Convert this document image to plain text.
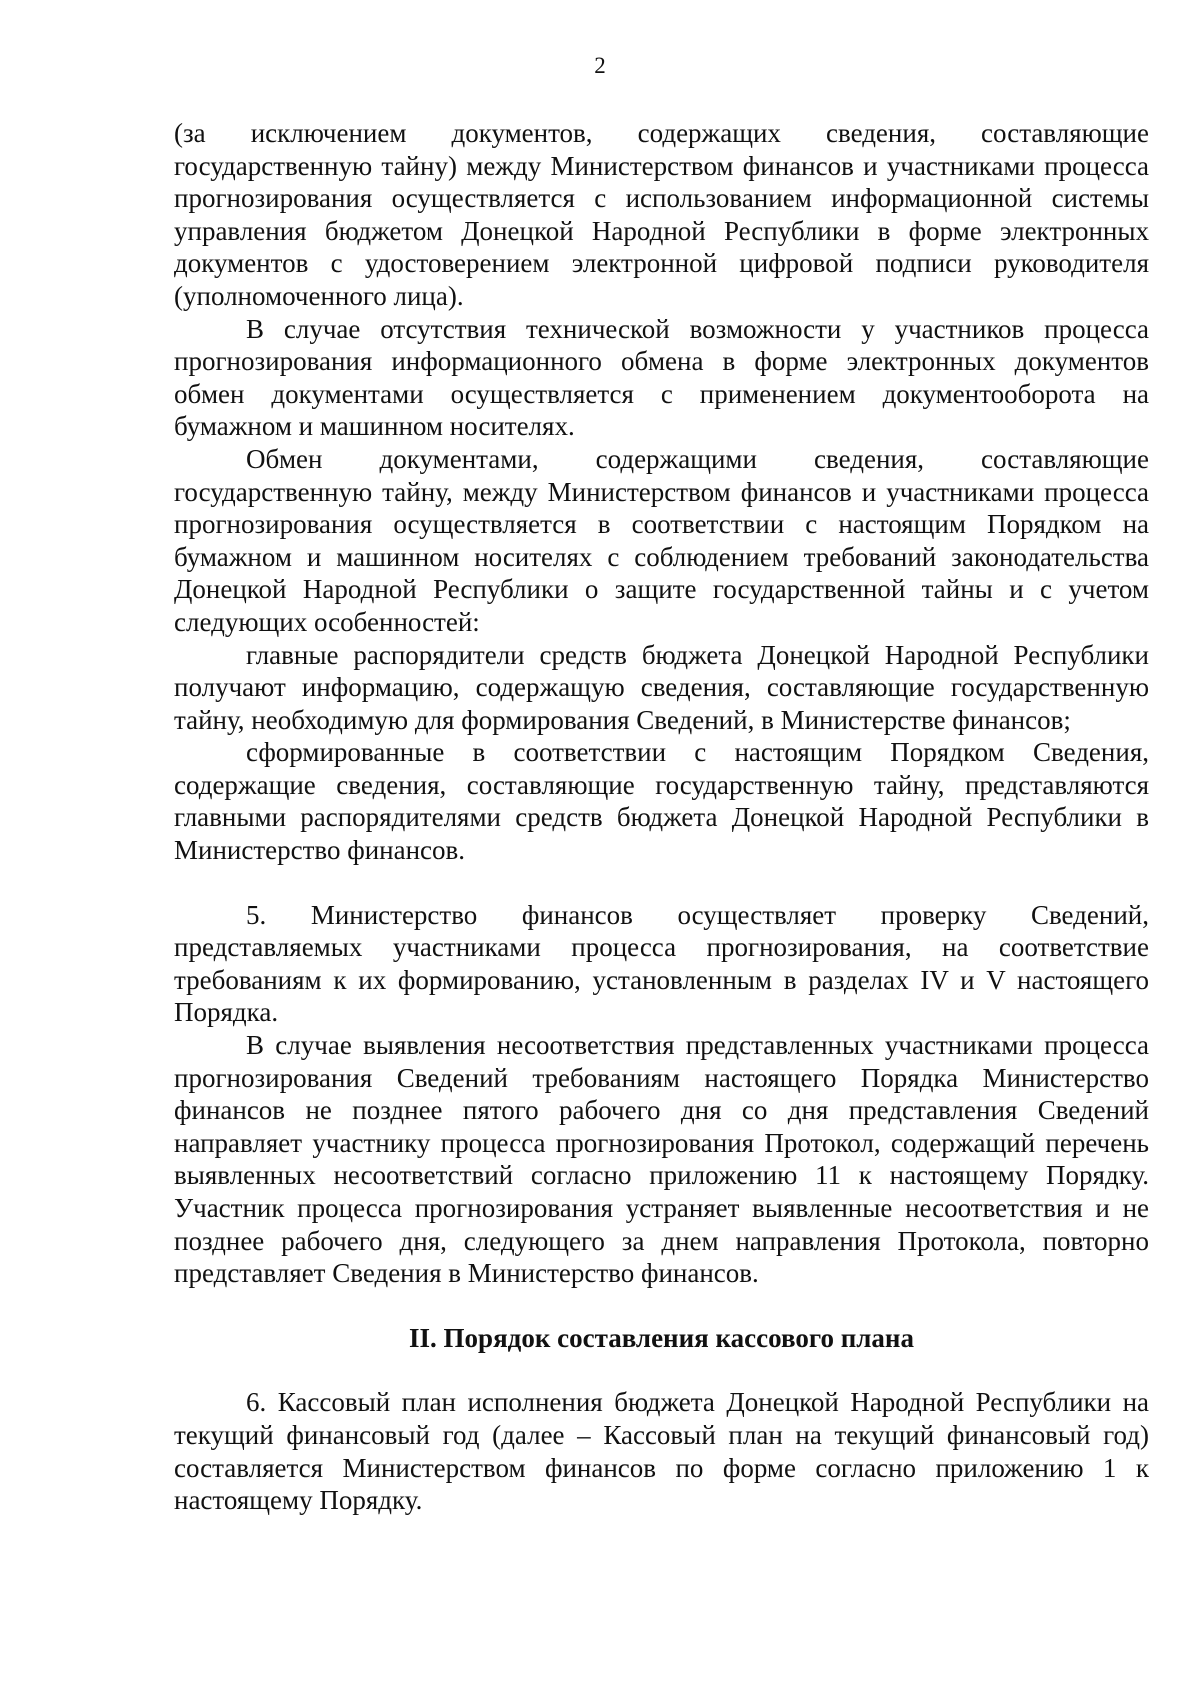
2

(за исключением документов, содержащих сведения, составляющие государственную тайну) между Министерством финансов и участниками процесса прогнозирования осуществляется с использованием информационной системы управления бюджетом Донецкой Народной Республики в форме электронных документов с удостоверением электронной цифровой подписи руководителя (уполномоченного лица).

В случае отсутствия технической возможности у участников процесса прогнозирования информационного обмена в форме электронных документов обмен документами осуществляется с применением документооборота на бумажном и машинном носителях.

Обмен документами, содержащими сведения, составляющие государственную тайну, между Министерством финансов и участниками процесса прогнозирования осуществляется в соответствии с настоящим Порядком на бумажном и машинном носителях с соблюдением требований законодательства Донецкой Народной Республики о защите государственной тайны и с учетом следующих особенностей:

главные распорядители средств бюджета Донецкой Народной Республики получают информацию, содержащую сведения, составляющие государственную тайну, необходимую для формирования Сведений, в Министерстве финансов;

сформированные в соответствии с настоящим Порядком Сведения, содержащие сведения, составляющие государственную тайну, представляются главными распорядителями средств бюджета Донецкой Народной Республики в Министерство финансов.

5. Министерство финансов осуществляет проверку Сведений, представляемых участниками процесса прогнозирования, на соответствие требованиям к их формированию, установленным в разделах IV и V настоящего Порядка.

В случае выявления несоответствия представленных участниками процесса прогнозирования Сведений требованиям настоящего Порядка Министерство финансов не позднее пятого рабочего дня со дня представления Сведений направляет участнику процесса прогнозирования Протокол, содержащий перечень выявленных несоответствий согласно приложению 11 к настоящему Порядку. Участник процесса прогнозирования устраняет выявленные несоответствия и не позднее рабочего дня, следующего за днем направления Протокола, повторно представляет Сведения в Министерство финансов.

II. Порядок составления кассового плана

6. Кассовый план исполнения бюджета Донецкой Народной Республики на текущий финансовый год (далее – Кассовый план на текущий финансовый год) составляется Министерством финансов по форме согласно приложению 1 к настоящему Порядку.
